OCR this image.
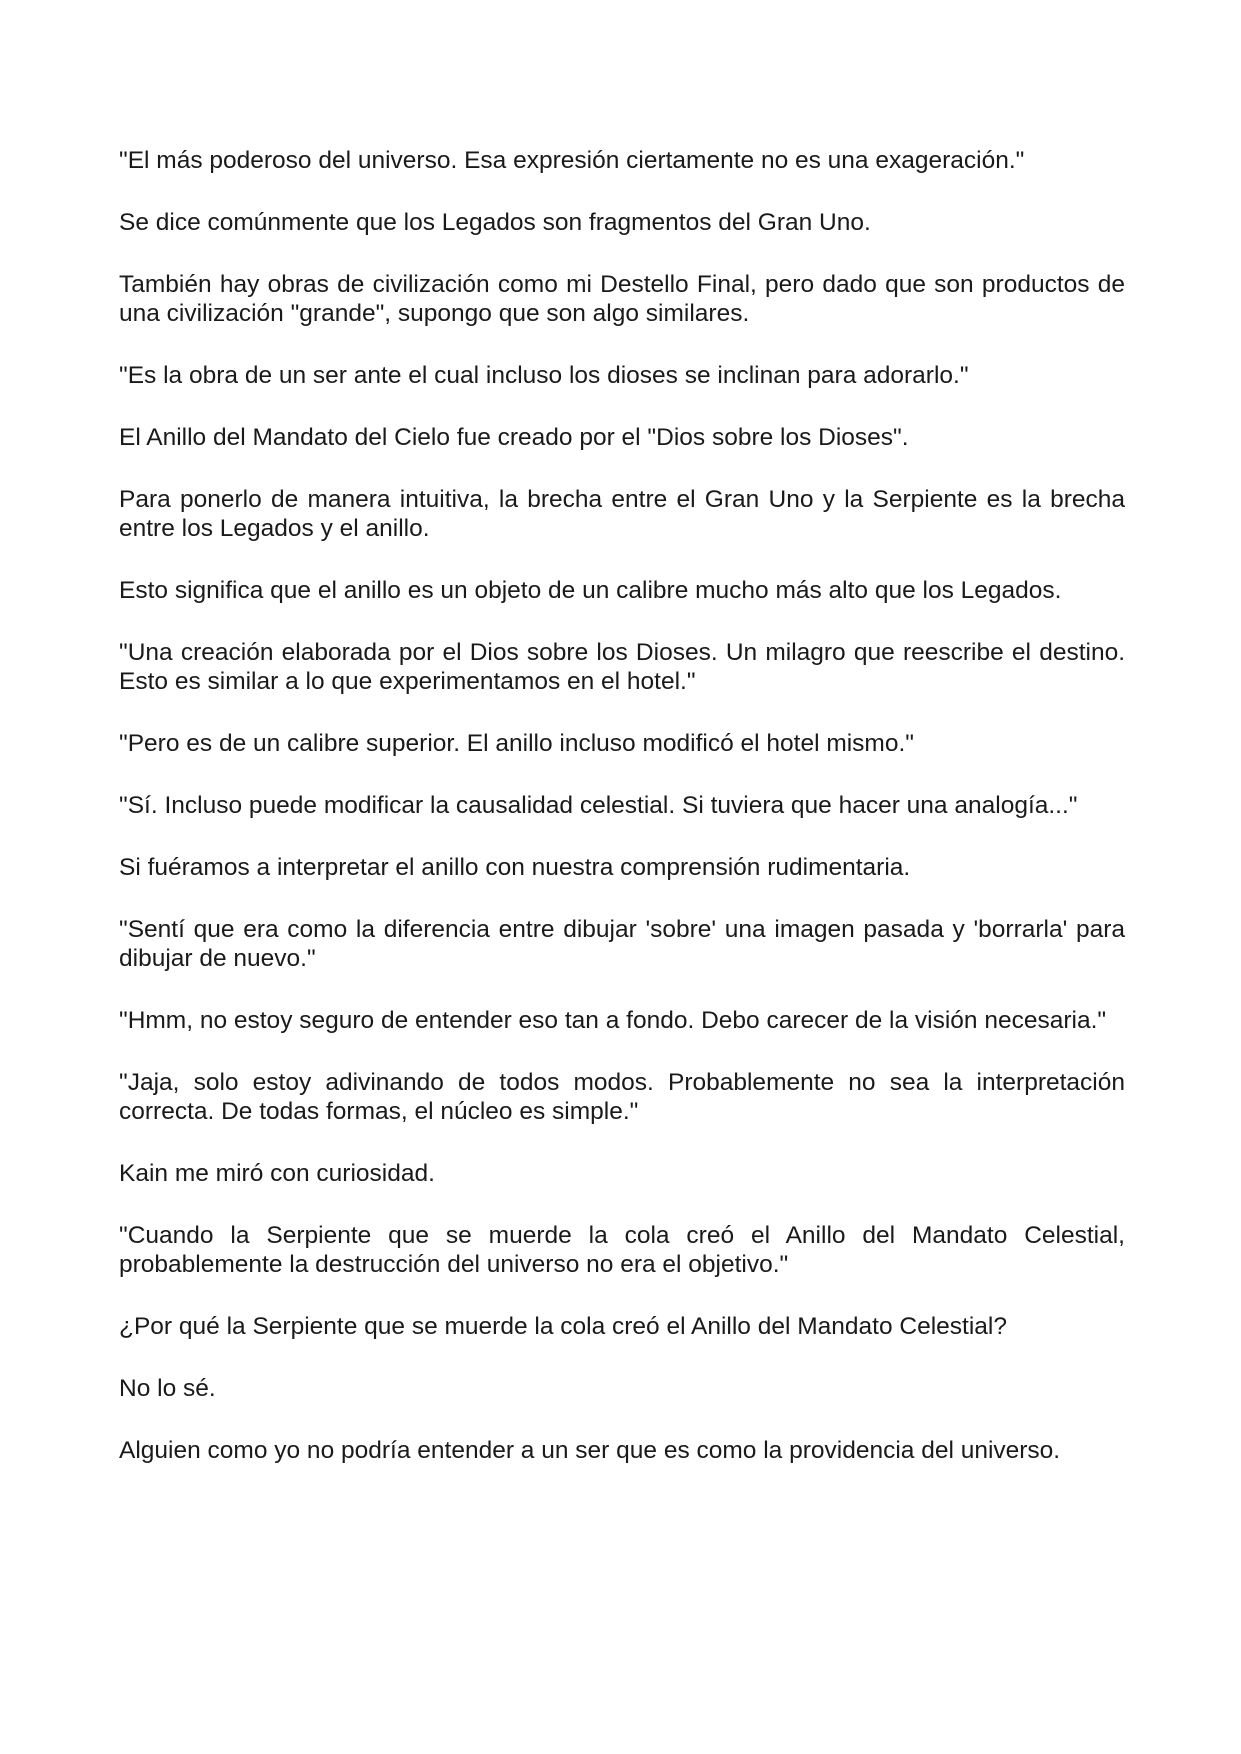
"El más poderoso del universo. Esa expresión ciertamente no es una exageración."

Se dice comúnmente que los Legados son fragmentos del Gran Uno.

También hay obras de civilización como mi Destello Final, pero dado que son productos de una civilización "grande", supongo que son algo similares.

"Es la obra de un ser ante el cual incluso los dioses se inclinan para adorarlo."

El Anillo del Mandato del Cielo fue creado por el "Dios sobre los Dioses".

Para ponerlo de manera intuitiva, la brecha entre el Gran Uno y la Serpiente es la brecha entre los Legados y el anillo.

Esto significa que el anillo es un objeto de un calibre mucho más alto que los Legados.

"Una creación elaborada por el Dios sobre los Dioses. Un milagro que reescribe el destino. Esto es similar a lo que experimentamos en el hotel."

"Pero es de un calibre superior. El anillo incluso modificó el hotel mismo."

"Sí. Incluso puede modificar la causalidad celestial. Si tuviera que hacer una analogía..."

Si fuéramos a interpretar el anillo con nuestra comprensión rudimentaria.

"Sentí que era como la diferencia entre dibujar 'sobre' una imagen pasada y 'borrarla' para dibujar de nuevo."

"Hmm, no estoy seguro de entender eso tan a fondo. Debo carecer de la visión necesaria."

"Jaja, solo estoy adivinando de todos modos. Probablemente no sea la interpretación correcta. De todas formas, el núcleo es simple."

Kain me miró con curiosidad.

"Cuando la Serpiente que se muerde la cola creó el Anillo del Mandato Celestial, probablemente la destrucción del universo no era el objetivo."

¿Por qué la Serpiente que se muerde la cola creó el Anillo del Mandato Celestial?

No lo sé.

Alguien como yo no podría entender a un ser que es como la providencia del universo.
